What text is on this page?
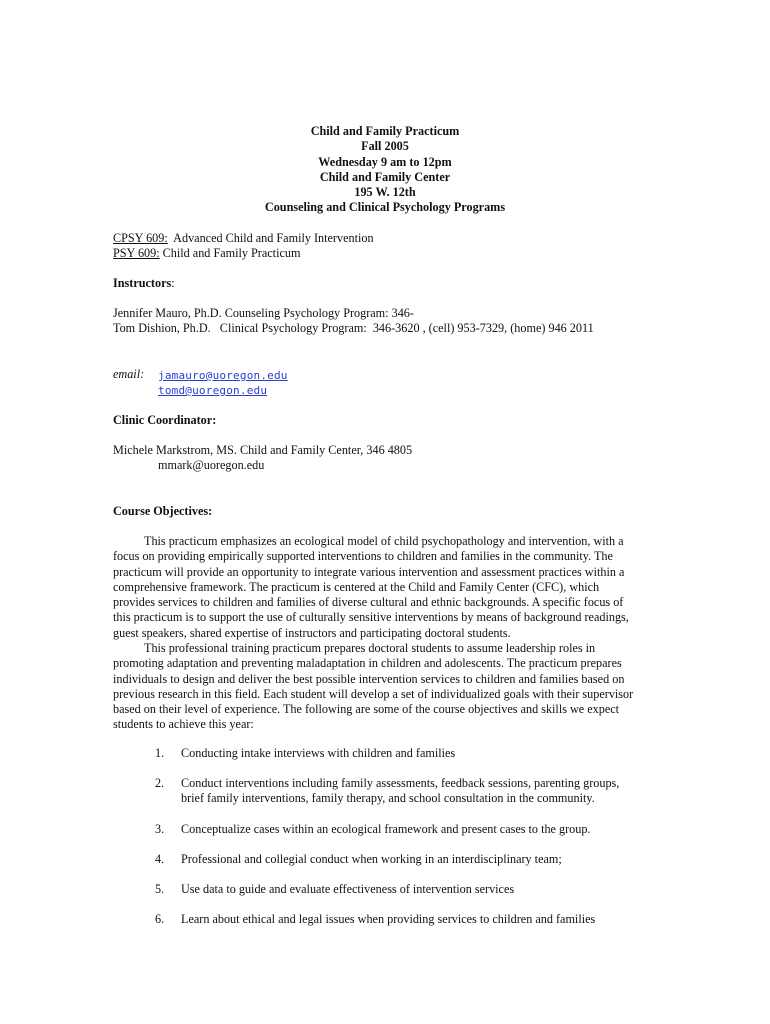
Child and Family Practicum
Fall 2005
Wednesday 9 am to 12pm
Child and Family Center
195 W. 12th
Counseling and Clinical Psychology Programs
CPSY 609:  Advanced Child and Family Intervention
PSY 609: Child and Family Practicum
Instructors:
Jennifer Mauro, Ph.D. Counseling Psychology Program: 346-
Tom Dishion, Ph.D.   Clinical Psychology Program:  346-3620 , (cell) 953-7329, (home) 946 2011
email: jamauro@uoregon.edu
tomd@uoregon.edu
Clinic Coordinator:
Michele Markstrom, MS. Child and Family Center, 346 4805
mmark@uoregon.edu
Course Objectives:
This practicum emphasizes an ecological model of child psychopathology and intervention, with a
focus on providing empirically supported interventions to children and families in the community. The
practicum will provide an opportunity to integrate various intervention and assessment practices within a
comprehensive framework. The practicum is centered at the Child and Family Center (CFC), which
provides services to children and families of diverse cultural and ethnic backgrounds. A specific focus of
this practicum is to support the use of culturally sensitive interventions by means of background readings,
guest speakers, shared expertise of instructors and participating doctoral students.
This professional training practicum prepares doctoral students to assume leadership roles in
promoting adaptation and preventing maladaptation in children and adolescents. The practicum prepares
individuals to design and deliver the best possible intervention services to children and families based on
previous research in this field. Each student will develop a set of individualized goals with their supervisor
based on their level of experience. The following are some of the course objectives and skills we expect
students to achieve this year:
1.	Conducting intake interviews with children and families
2.	Conduct interventions including family assessments, feedback sessions, parenting groups,
brief family interventions, family therapy, and school consultation in the community.
3.	Conceptualize cases within an ecological framework and present cases to the group.
4.	Professional and collegial conduct when working in an interdisciplinary team;
5.	Use data to guide and evaluate effectiveness of intervention services
6.	Learn about ethical and legal issues when providing services to children and families
